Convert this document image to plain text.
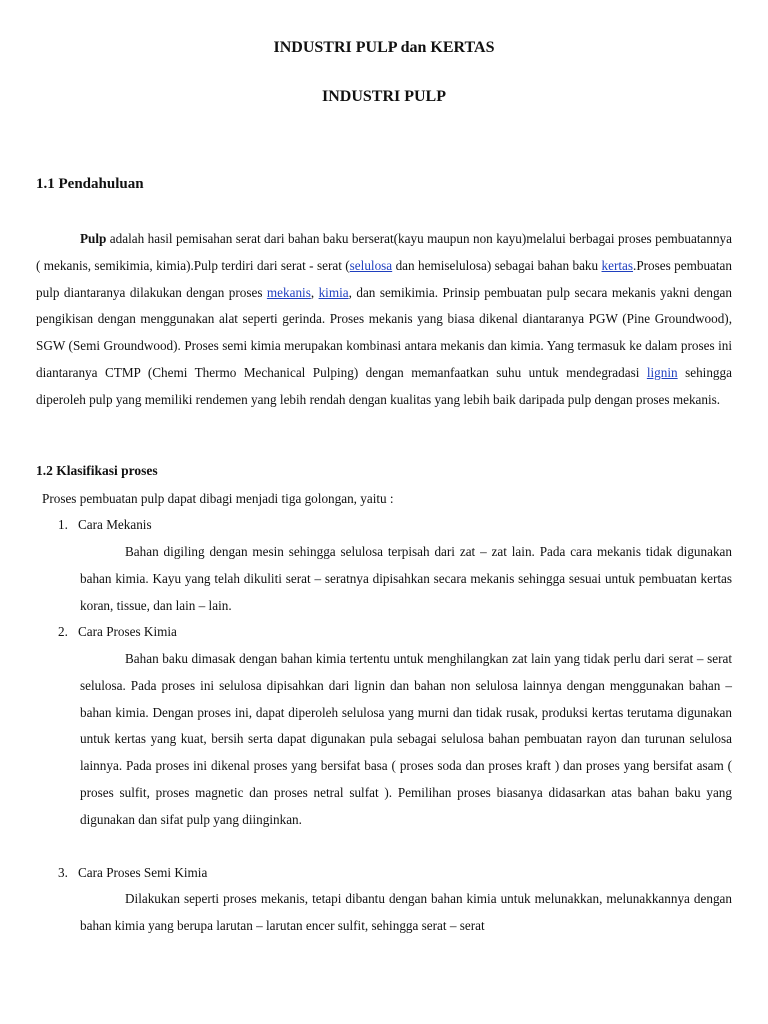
INDUSTRI PULP dan KERTAS
INDUSTRI PULP
1.1 Pendahuluan

Pulp adalah hasil pemisahan serat dari bahan baku berserat(kayu maupun non kayu)melalui berbagai proses pembuatannya ( mekanis, semikimia, kimia).Pulp terdiri dari serat - serat (selulosa dan hemiselulosa) sebagai bahan baku kertas.Proses pembuatan pulp diantaranya dilakukan dengan proses mekanis, kimia, dan semikimia. Prinsip pembuatan pulp secara mekanis yakni dengan pengikisan dengan menggunakan alat seperti gerinda. Proses mekanis yang biasa dikenal diantaranya PGW (Pine Groundwood), SGW (Semi Groundwood). Proses semi kimia merupakan kombinasi antara mekanis dan kimia. Yang termasuk ke dalam proses ini diantaranya CTMP (Chemi Thermo Mechanical Pulping) dengan memanfaatkan suhu untuk mendegradasi lignin sehingga diperoleh pulp yang memiliki rendemen yang lebih rendah dengan kualitas yang lebih baik daripada pulp dengan proses mekanis.

1.2 Klasifikasi proses

Proses pembuatan pulp dapat dibagi menjadi tiga golongan, yaitu :

1. Cara Mekanis

Bahan digiling dengan mesin sehingga selulosa terpisah dari zat – zat lain. Pada cara mekanis tidak digunakan bahan kimia. Kayu yang telah dikuliti serat – seratnya dipisahkan secara mekanis sehingga sesuai untuk pembuatan kertas koran, tissue, dan lain – lain.

2. Cara Proses Kimia

Bahan baku dimasak dengan bahan kimia tertentu untuk menghilangkan zat lain yang tidak perlu dari serat – serat selulosa. Pada proses ini selulosa dipisahkan dari lignin dan bahan non selulosa lainnya dengan menggunakan bahan – bahan kimia. Dengan proses ini, dapat diperoleh selulosa yang murni dan tidak rusak, produksi kertas terutama digunakan untuk kertas yang kuat, bersih serta dapat digunakan pula sebagai selulosa bahan pembuatan rayon dan turunan selulosa lainnya. Pada proses ini dikenal proses yang bersifat basa ( proses soda dan proses kraft ) dan proses yang bersifat asam ( proses sulfit, proses magnetic dan proses netral sulfat ). Pemilihan proses biasanya didasarkan atas bahan baku yang digunakan dan sifat pulp yang diinginkan.

3. Cara Proses Semi Kimia

Dilakukan seperti proses mekanis, tetapi dibantu dengan bahan kimia untuk melunakkan, melunakkannya dengan bahan kimia yang berupa larutan – larutan encer sulfit, sehingga serat – serat
